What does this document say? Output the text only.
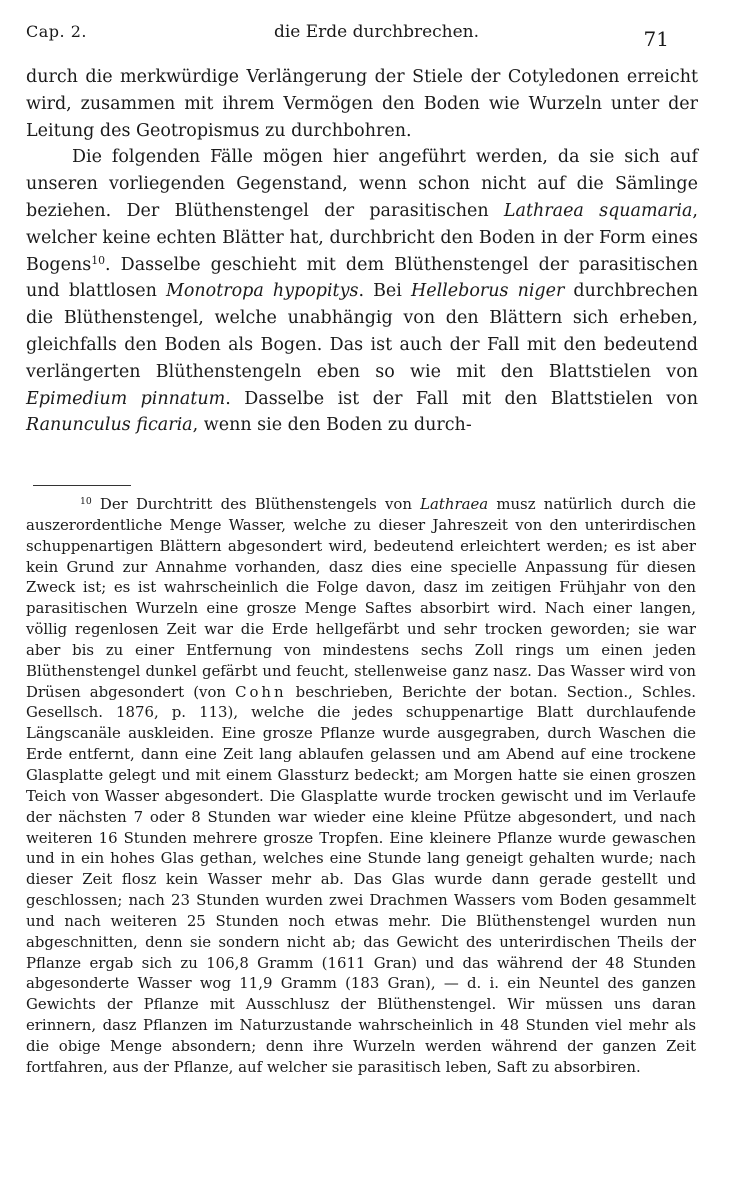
Cap. 2.	die Erde durchbrechen.	71

durch die merkwürdige Verlängerung der Stiele der Cotyledonen erreicht wird, zusammen mit ihrem Vermögen den Boden wie Wurzeln unter der Leitung des Geotropismus zu durchbohren.

Die folgenden Fälle mögen hier angeführt werden, da sie sich auf unseren vorliegenden Gegenstand, wenn schon nicht auf die Sämlinge beziehen. Der Blüthenstengel der parasitischen Lathraea squamaria, welcher keine echten Blätter hat, durchbricht den Boden in der Form eines Bogens$^{10}$. Dasselbe geschieht mit dem Blüthenstengel der parasitischen und blattlosen Monotropa hypopitys. Bei Helleborus niger durchbrechen die Blüthenstengel, welche unabhängig von den Blättern sich erheben, gleichfalls den Boden als Bogen. Das ist auch der Fall mit den bedeutend verlängerten Blüthenstengeln eben so wie mit den Blattstielen von Epimedium pinnatum. Dasselbe ist der Fall mit den Blattstielen von Ranunculus ficaria, wenn sie den Boden zu durch-

$^{10}$ Der Durchtritt des Blüthenstengels von Lathraea musz natürlich durch die auszerordentliche Menge Wasser, welche zu dieser Jahreszeit von den unterirdischen schuppenartigen Blättern abgesondert wird, bedeutend erleichtert werden; es ist aber kein Grund zur Annahme vorhanden, dasz dies eine specielle Anpassung für diesen Zweck ist; es ist wahrscheinlich die Folge davon, dasz im zeitigen Frühjahr von den parasitischen Wurzeln eine grosze Menge Saftes absorbirt wird. Nach einer langen, völlig regenlosen Zeit war die Erde hellgefärbt und sehr trocken geworden; sie war aber bis zu einer Entfernung von mindestens sechs Zoll rings um einen jeden Blüthenstengel dunkel gefärbt und feucht, stellenweise ganz nasz. Das Wasser wird von Drüsen abgesondert (von Cohn beschrieben, Berichte der botan. Section., Schles. Gesellsch. 1876, p. 113), welche die jedes schuppenartige Blatt durchlaufende Längscanäle auskleiden. Eine grosze Pflanze wurde ausgegraben, durch Waschen die Erde entfernt, dann eine Zeit lang ablaufen gelassen und am Abend auf eine trockene Glasplatte gelegt und mit einem Glassturz bedeckt; am Morgen hatte sie einen groszen Teich von Wasser abgesondert. Die Glasplatte wurde trocken gewischt und im Verlaufe der nächsten 7 oder 8 Stunden war wieder eine kleine Pfütze abgesondert, und nach weiteren 16 Stunden mehrere grosze Tropfen. Eine kleinere Pflanze wurde gewaschen und in ein hohes Glas gethan, welches eine Stunde lang geneigt gehalten wurde; nach dieser Zeit flosz kein Wasser mehr ab. Das Glas wurde dann gerade gestellt und geschlossen; nach 23 Stunden wurden zwei Drachmen Wassers vom Boden gesammelt und nach weiteren 25 Stunden noch etwas mehr. Die Blüthenstengel wurden nun abgeschnitten, denn sie sondern nicht ab; das Gewicht des unterirdischen Theils der Pflanze ergab sich zu 106,8 Gramm (1611 Gran) und das während der 48 Stunden abgesonderte Wasser wog 11,9 Gramm (183 Gran), — d. i. ein Neuntel des ganzen Gewichts der Pflanze mit Ausschlusz der Blüthenstengel. Wir müssen uns daran erinnern, dasz Pflanzen im Naturzustande wahrscheinlich in 48 Stunden viel mehr als die obige Menge absondern; denn ihre Wurzeln werden während der ganzen Zeit fortfahren, aus der Pflanze, auf welcher sie parasitisch leben, Saft zu absorbiren.
